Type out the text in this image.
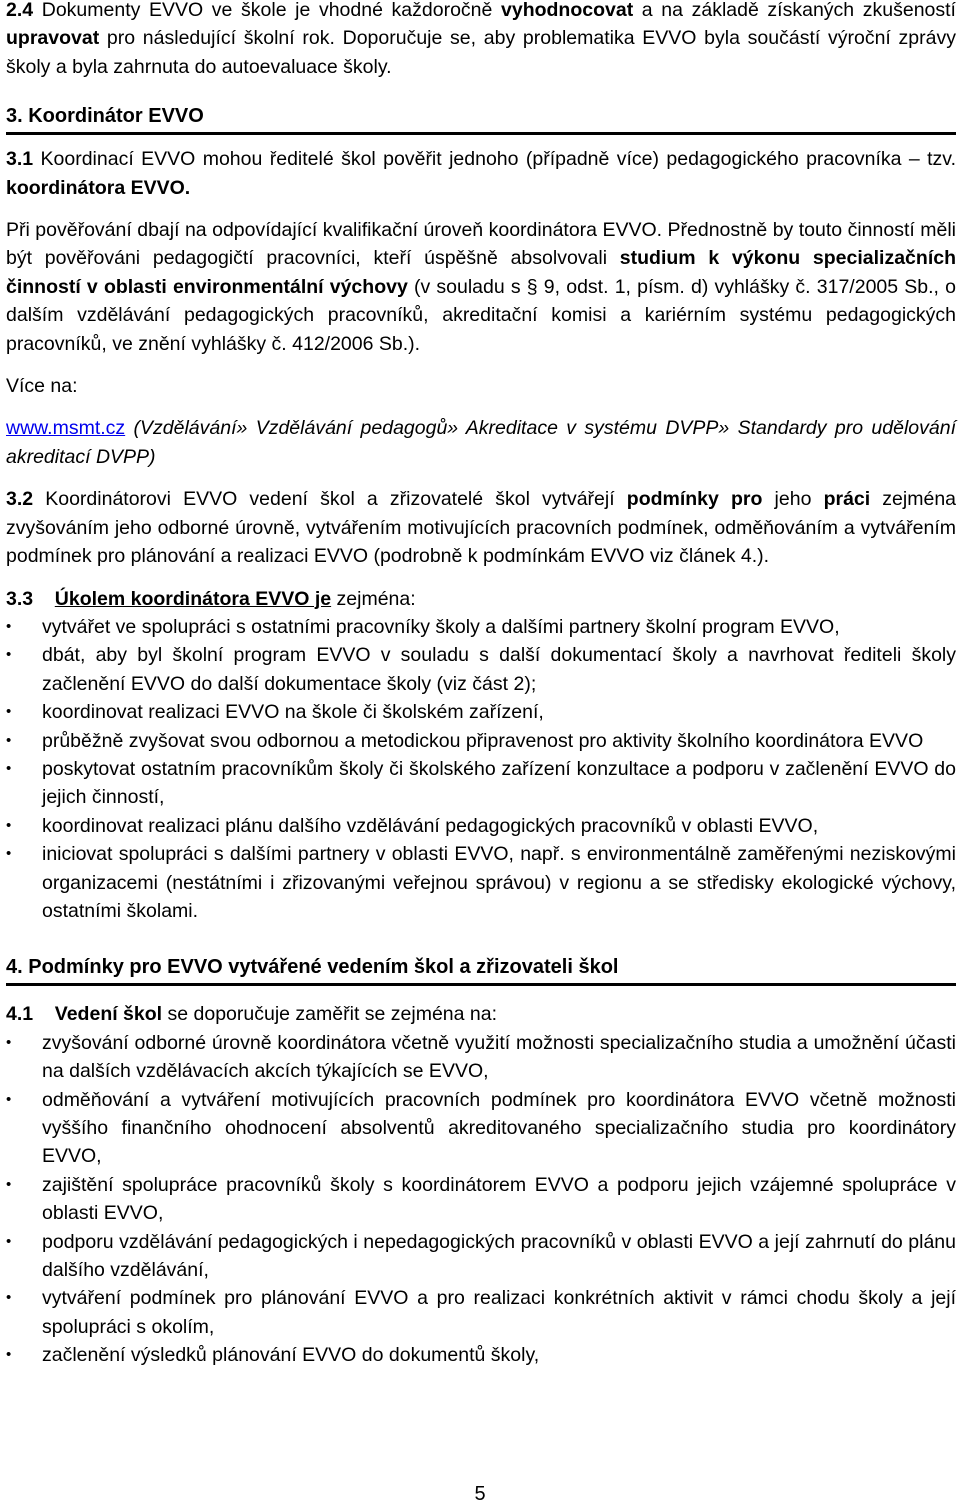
2.4 Dokumenty EVVO ve škole je vhodné každoročně vyhodnocovat a na základě získaných zkušeností upravovat pro následující školní rok. Doporučuje se, aby problematika EVVO byla součástí výroční zprávy školy a byla zahrnuta do autoevaluace školy.

3. Koordinátor EVVO

3.1 Koordinací EVVO mohou ředitelé škol pověřit jednoho (případně více) pedagogického pracovníka – tzv. koordinátora EVVO.

Při pověřování dbají na odpovídající kvalifikační úroveň koordinátora EVVO. Přednostně by touto činností měli být pověřováni pedagogičtí pracovníci, kteří úspěšně absolvovali studium k výkonu specializačních činností v oblasti environmentální výchovy (v souladu s § 9, odst. 1, písm. d) vyhlášky č. 317/2005 Sb., o dalším vzdělávání pedagogických pracovníků, akreditační komisi a kariérním systému pedagogických pracovníků, ve znění vyhlášky č. 412/2006 Sb.).

Více na:

www.msmt.cz (Vzdělávání» Vzdělávání pedagogů» Akreditace v systému DVPP» Standardy pro udělování akreditací DVPP)

3.2 Koordinátorovi EVVO vedení škol a zřizovatelé škol vytvářejí podmínky pro jeho práci zejména zvyšováním jeho odborné úrovně, vytvářením motivujících pracovních podmínek, odměňováním a vytvářením podmínek pro plánování a realizaci EVVO (podrobně k podmínkám EVVO viz článek 4.).

3.3 Úkolem koordinátora EVVO je zejména:

•	vytvářet ve spolupráci s ostatními pracovníky školy a dalšími partnery školní program EVVO,
•	dbát, aby byl školní program EVVO v souladu s další dokumentací školy a navrhovat řediteli školy začlenění EVVO do další dokumentace školy (viz část 2);
•	koordinovat realizaci EVVO na škole či školském zařízení,
•	průběžně zvyšovat svou odbornou a metodickou připravenost pro aktivity školního koordinátora EVVO
•	poskytovat ostatním pracovníkům školy či školského zařízení konzultace a podporu v začlenění EVVO do jejich činností,
•	koordinovat realizaci plánu dalšího vzdělávání pedagogických pracovníků v oblasti EVVO,
•	iniciovat spolupráci s dalšími partnery v oblasti EVVO, např. s environmentálně zaměřenými neziskovými organizacemi (nestátními i zřizovanými veřejnou správou) v regionu a se středisky ekologické výchovy, ostatními školami.
4. Podmínky pro EVVO vytvářené vedením škol a zřizovateli škol

4.1 Vedení škol se doporučuje zaměřit se zejména na:

•	zvyšování odborné úrovně koordinátora včetně využití možnosti specializačního studia a umožnění účasti na dalších vzdělávacích akcích týkajících se EVVO,
•	odměňování a vytváření motivujících pracovních podmínek pro koordinátora EVVO včetně možnosti vyššího finančního ohodnocení absolventů akreditovaného specializačního studia pro koordinátory EVVO,
•	zajištění spolupráce pracovníků školy s koordinátorem EVVO a podporu jejich vzájemné spolupráce v oblasti EVVO,
•	podporu vzdělávání pedagogických i nepedagogických pracovníků v oblasti EVVO a její zahrnutí do plánu dalšího vzdělávání,
•	vytváření podmínek pro plánování EVVO a pro realizaci konkrétních aktivit v rámci chodu školy a její spolupráci s okolím,
•	začlenění výsledků plánování EVVO do dokumentů školy,
5
